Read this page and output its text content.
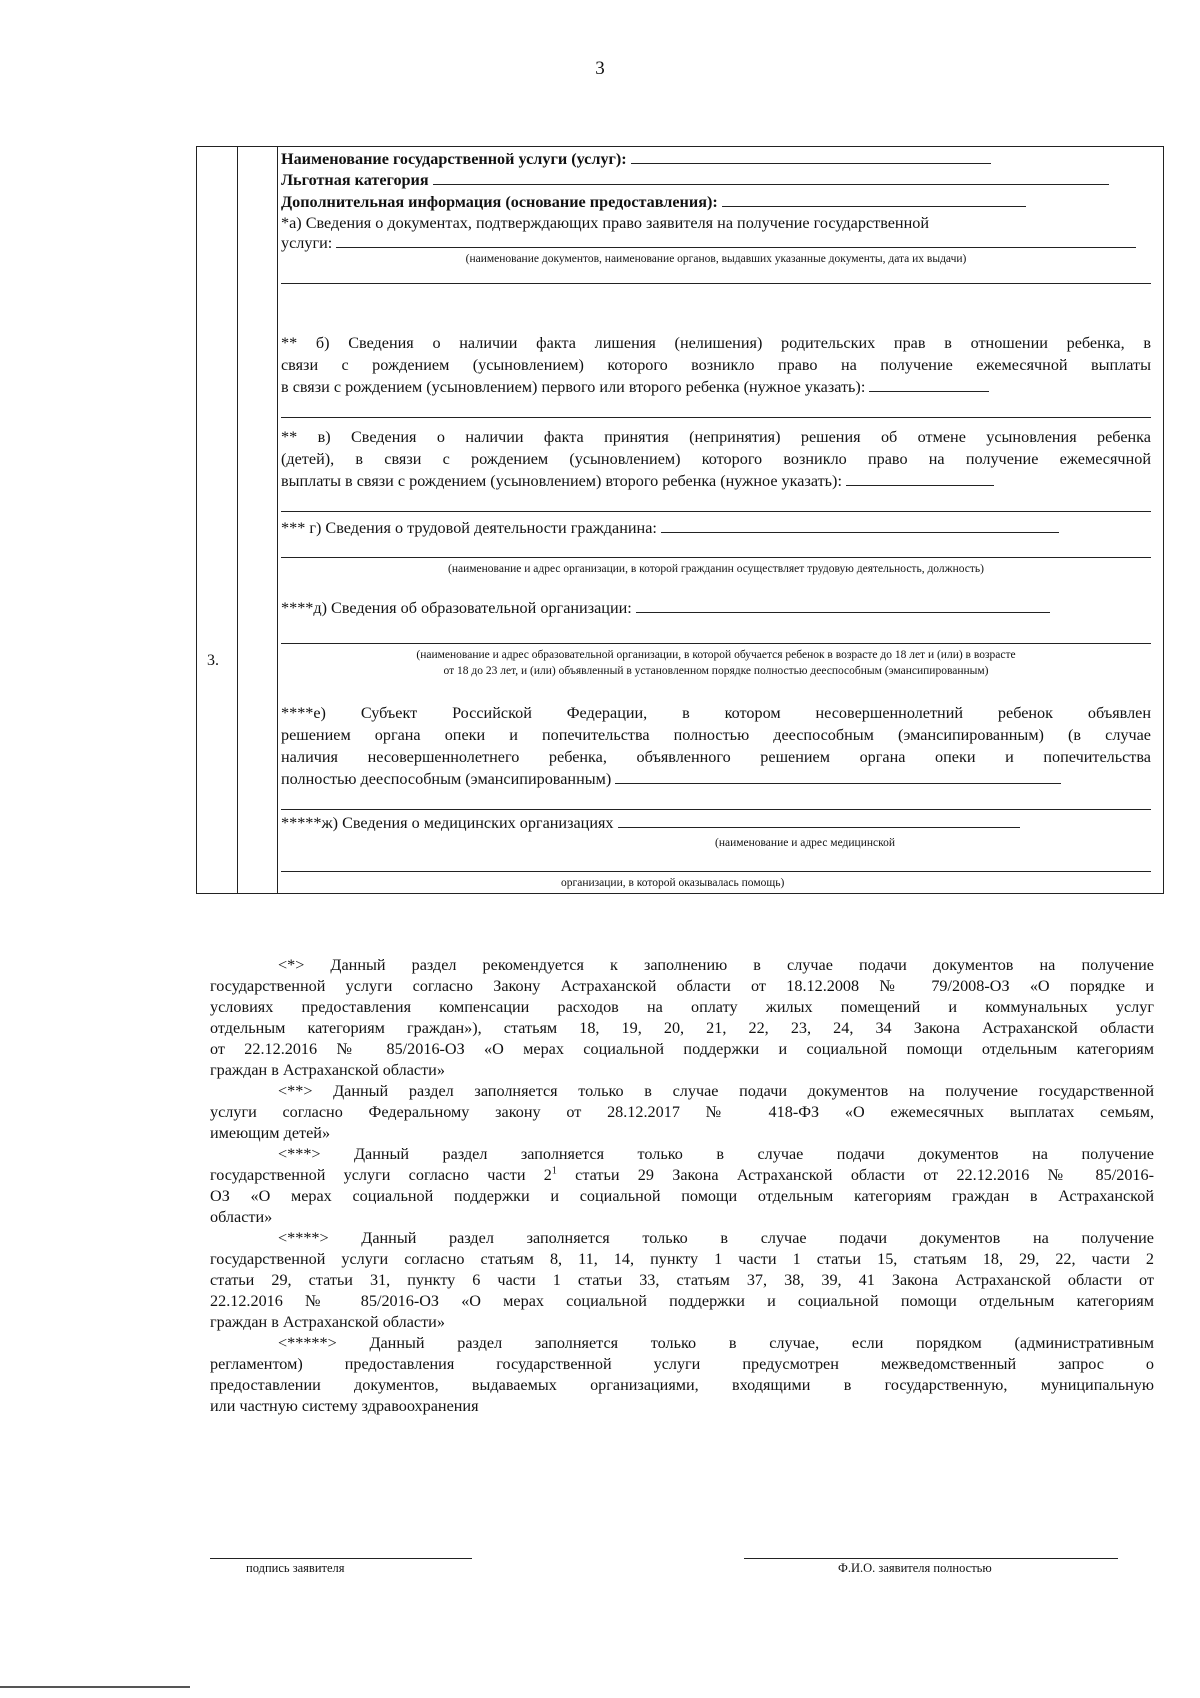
3
3.
Наименование государственной услуги (услуг):
Льготная категория
Дополнительная информация (основание предоставления):
*а) Сведения о документах, подтверждающих право заявителя на получение государственной
услуги:
(наименование документов, наименование органов, выдавших указанные документы, дата их выдачи)
** б) Сведения о наличии факта лишения (нелишения) родительских прав в отношении ребенка, в
связи с рождением (усыновлением) которого возникло право на получение ежемесячной выплаты
в связи с рождением (усыновлением) первого или второго ребенка (нужное указать):
** в) Сведения о наличии факта принятия (непринятия) решения об отмене усыновления ребенка
(детей), в связи с рождением (усыновлением) которого возникло право на получение ежемесячной
выплаты в связи с рождением (усыновлением) второго ребенка (нужное указать):
*** г) Сведения о трудовой деятельности гражданина:
(наименование и адрес организации, в которой гражданин осуществляет трудовую деятельность, должность)
****д) Сведения об образовательной организации:
(наименование и адрес образовательной организации, в которой обучается ребенок в возрасте до 18 лет и (или) в возрасте
от 18 до 23 лет, и (или) объявленный в установленном порядке полностью дееспособным (эмансипированным)
****е) Субъект Российской Федерации, в котором несовершеннолетний ребенок объявлен
решением органа опеки и попечительства полностью дееспособным (эмансипированным) (в случае
наличия несовершеннолетнего ребенка, объявленного решением органа опеки и попечительства
полностью дееспособным (эмансипированным)
*****ж) Сведения о медицинских организациях
(наименование и адрес медицинской
организации, в которой оказывалась помощь)
<*> Данный раздел рекомендуется к заполнению в случае подачи документов на получение
государственной услуги согласно Закону Астраханской области от 18.12.2008 № 79/2008-ОЗ «О порядке и
условиях предоставления компенсации расходов на оплату жилых помещений и коммунальных услуг
отдельным категориям граждан»), статьям 18, 19, 20, 21, 22, 23, 24, 34 Закона Астраханской области
от 22.12.2016 № 85/2016-ОЗ «О мерах социальной поддержки и социальной помощи отдельным категориям
граждан в Астраханской области»
<**> Данный раздел заполняется только в случае подачи документов на получение государственной
услуги согласно Федеральному закону от 28.12.2017 № 418-ФЗ «О ежемесячных выплатах семьям,
имеющим детей»
<***> Данный раздел заполняется только в случае подачи документов на получение
государственной услуги согласно части $2^1$ статьи 29 Закона Астраханской области от 22.12.2016 № 85/2016-
ОЗ «О мерах социальной поддержки и социальной помощи отдельным категориям граждан в Астраханской
области»
<****> Данный раздел заполняется только в случае подачи документов на получение
государственной услуги согласно статьям 8, 11, 14, пункту 1 части 1 статьи 15, статьям 18, 29, 22, части 2
статьи 29, статьи 31, пункту 6 части 1 статьи 33, статьям 37, 38, 39, 41 Закона Астраханской области от
22.12.2016 № 85/2016-ОЗ «О мерах социальной поддержки и социальной помощи отдельным категориям
граждан в Астраханской области»
<*****> Данный раздел заполняется только в случае, если порядком (административным
регламентом) предоставления государственной услуги предусмотрен межведомственный запрос о
предоставлении документов, выдаваемых организациями, входящими в государственную, муниципальную
или частную систему здравоохранения
подпись заявителя	Ф.И.О. заявителя полностью
